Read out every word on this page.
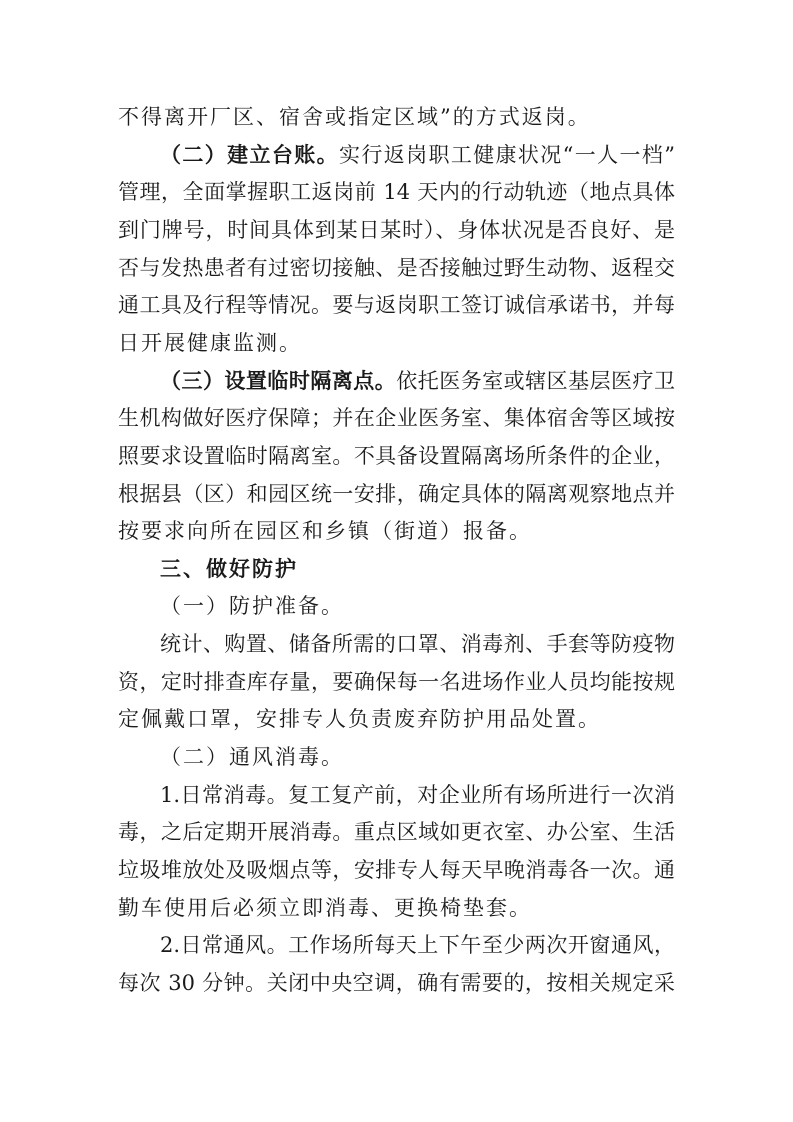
不得离开厂区、宿舍或指定区域”的方式返岗。
（二）建立台账。实行返岗职工健康状况“一人一档”
管理，全面掌握职工返岗前 14 天内的行动轨迹（地点具体
到门牌号，时间具体到某日某时）、身体状况是否良好、是
否与发热患者有过密切接触、是否接触过野生动物、返程交
通工具及行程等情况。要与返岗职工签订诚信承诺书，并每
日开展健康监测。
（三）设置临时隔离点。依托医务室或辖区基层医疗卫
生机构做好医疗保障；并在企业医务室、集体宿舍等区域按
照要求设置临时隔离室。不具备设置隔离场所条件的企业，
根据县（区）和园区统一安排，确定具体的隔离观察地点并
按要求向所在园区和乡镇（街道）报备。
三、做好防护
（一）防护准备。
统计、购置、储备所需的口罩、消毒剂、手套等防疫物
资，定时排查库存量，要确保每一名进场作业人员均能按规
定佩戴口罩，安排专人负责废弃防护用品处置。
（二）通风消毒。
1.日常消毒。复工复产前，对企业所有场所进行一次消
毒，之后定期开展消毒。重点区域如更衣室、办公室、生活
垃圾堆放处及吸烟点等，安排专人每天早晚消毒各一次。通
勤车使用后必须立即消毒、更换椅垫套。
2.日常通风。工作场所每天上下午至少两次开窗通风，
每次 30 分钟。关闭中央空调，确有需要的，按相关规定采
